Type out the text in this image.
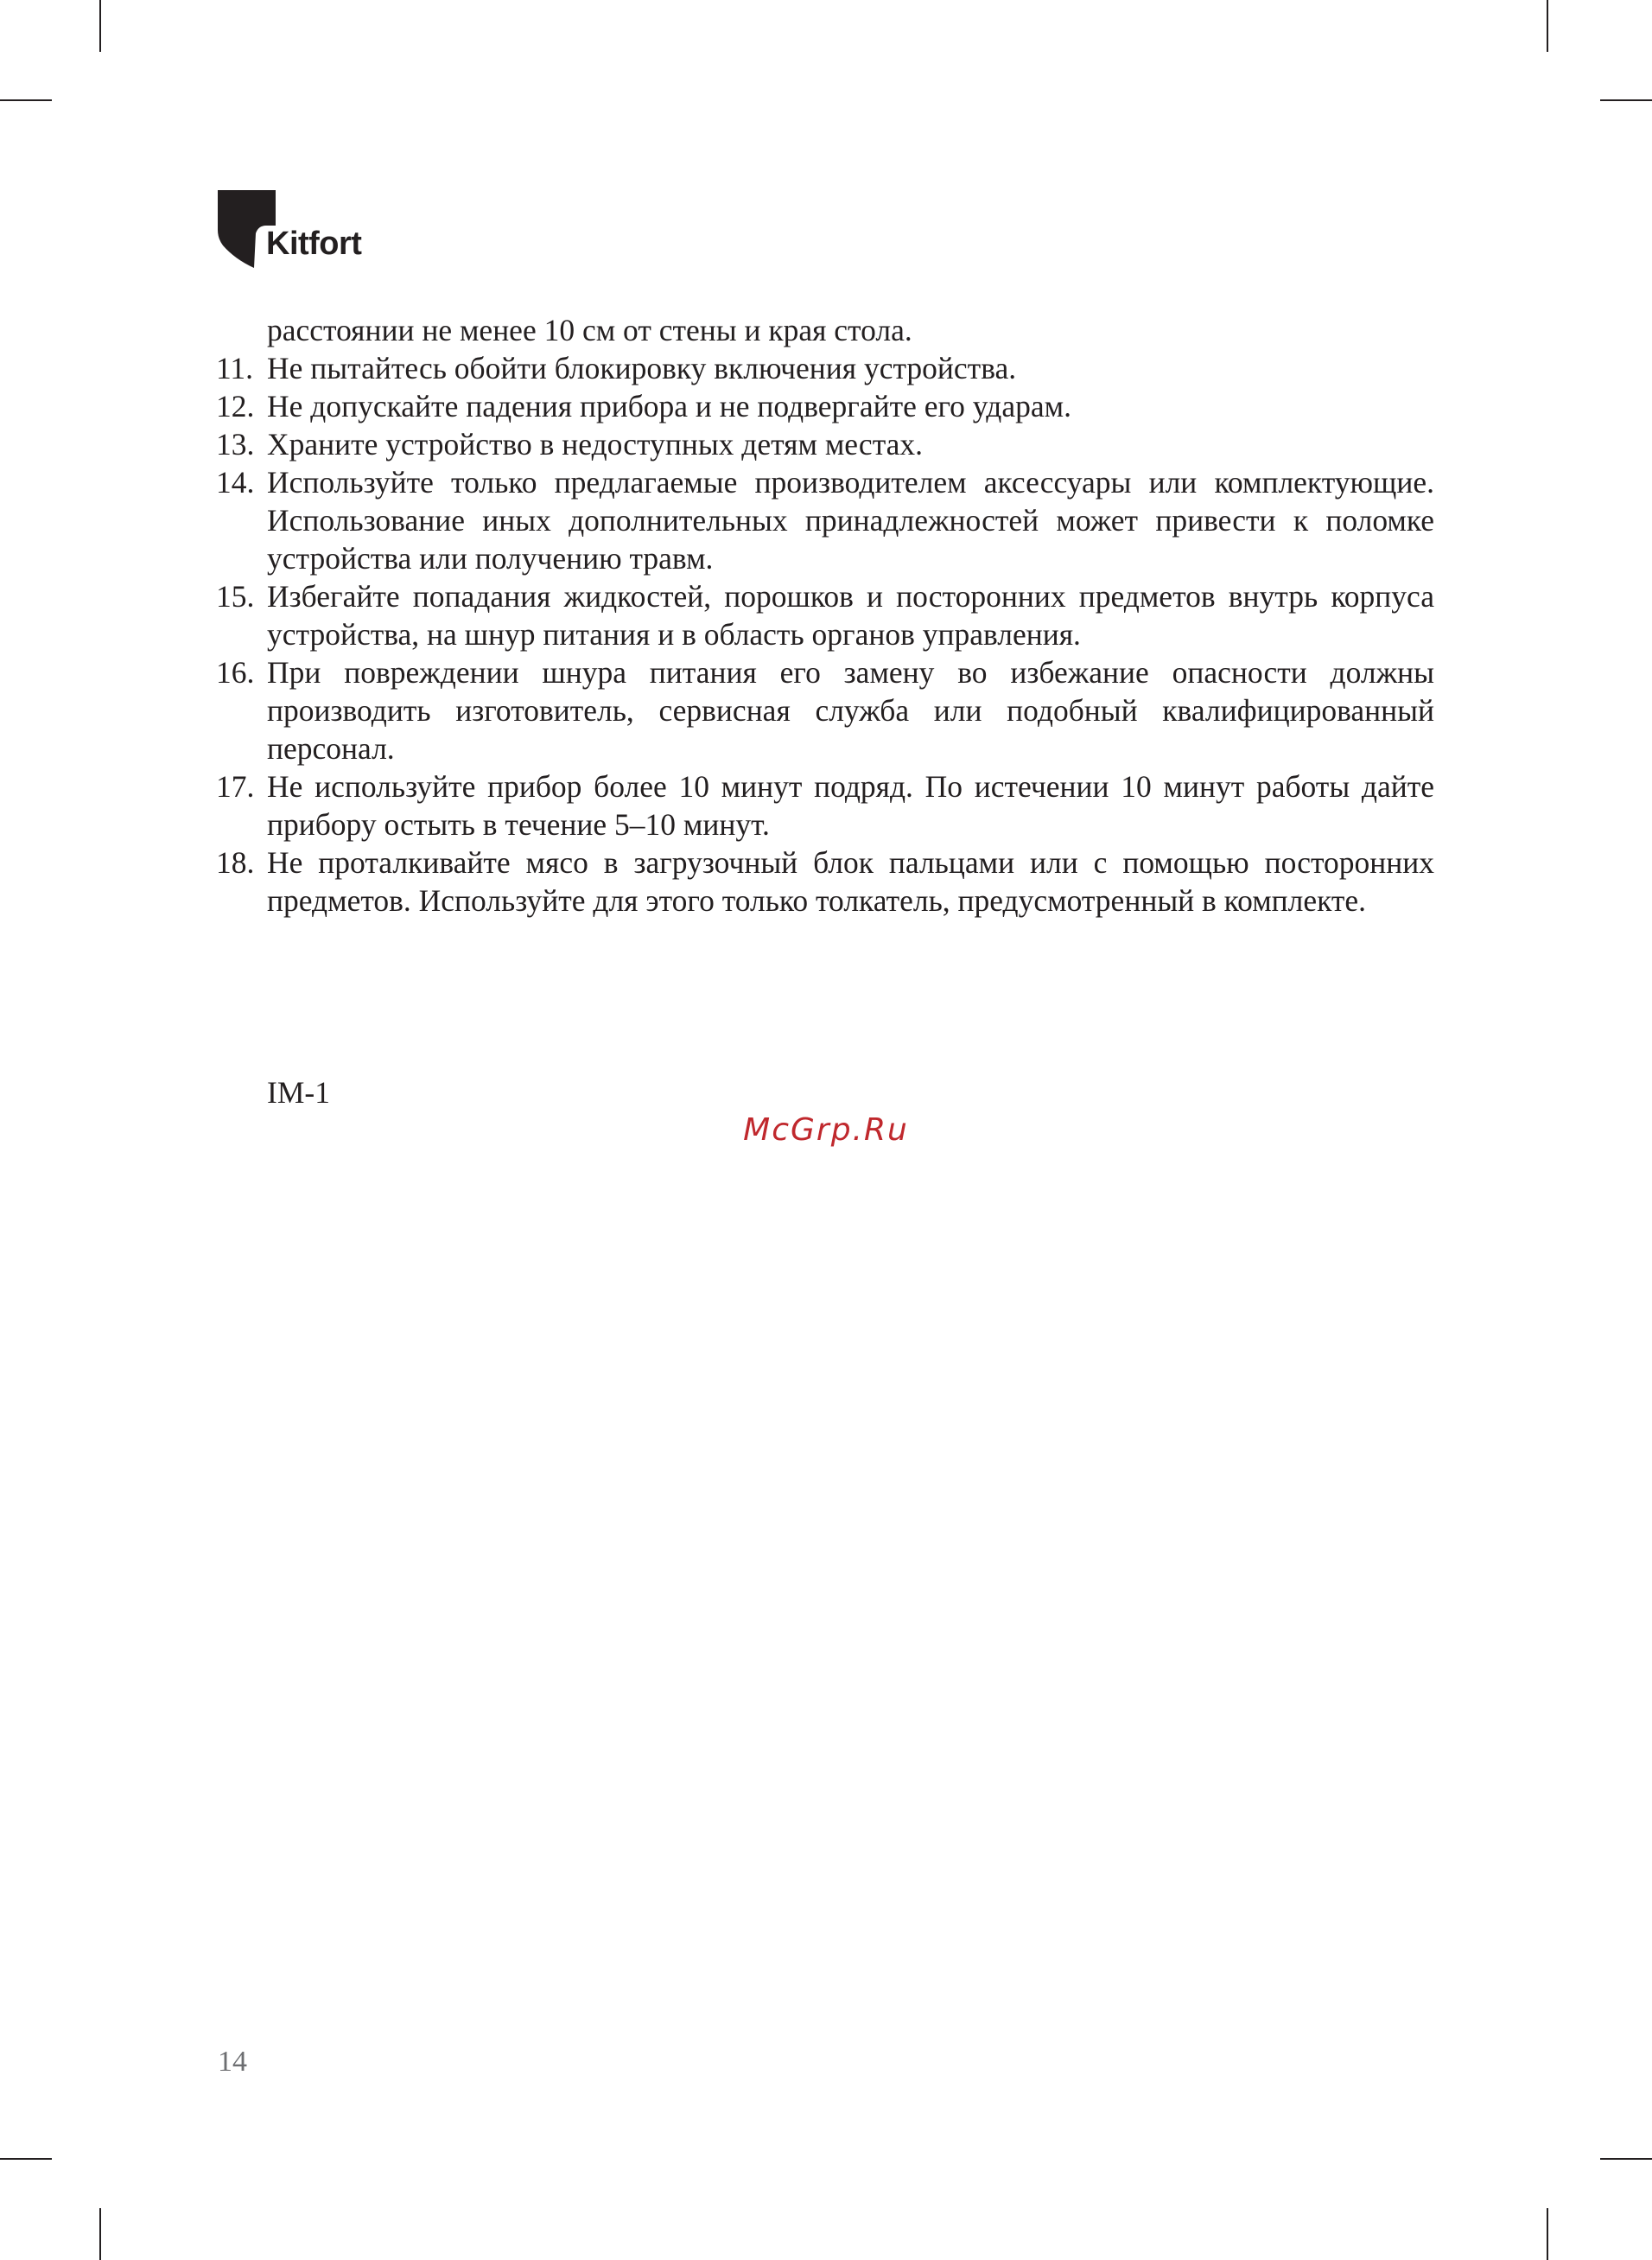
Kitfort
расстоянии не менее 10 см от стены и края стола.
11. Не пытайтесь обойти блокировку включения устройства.
12. Не допускайте падения прибора и не подвергайте его ударам.
13. Храните устройство в недоступных детям местах.
14. Используйте только предлагаемые производителем аксессуары или комплектующие. Использование иных дополнительных принадлежностей может привести к поломке устройства или получению травм.
15. Избегайте попадания жидкостей, порошков и посторонних предметов внутрь корпуса устройства, на шнур питания и в область органов управления.
16. При повреждении шнура питания его замену во избежание опасности должны производить изготовитель, сервисная служба или подобный квалифицированный персонал.
17. Не используйте прибор более 10 минут подряд. По истечении 10 минут работы дайте прибору остыть в течение 5–10 минут.
18. Не проталкивайте мясо в загрузочный блок пальцами или с помощью посторонних предметов. Используйте для этого только толкатель, предусмотренный в комплекте.
IM-1
McGrp.Ru
14
